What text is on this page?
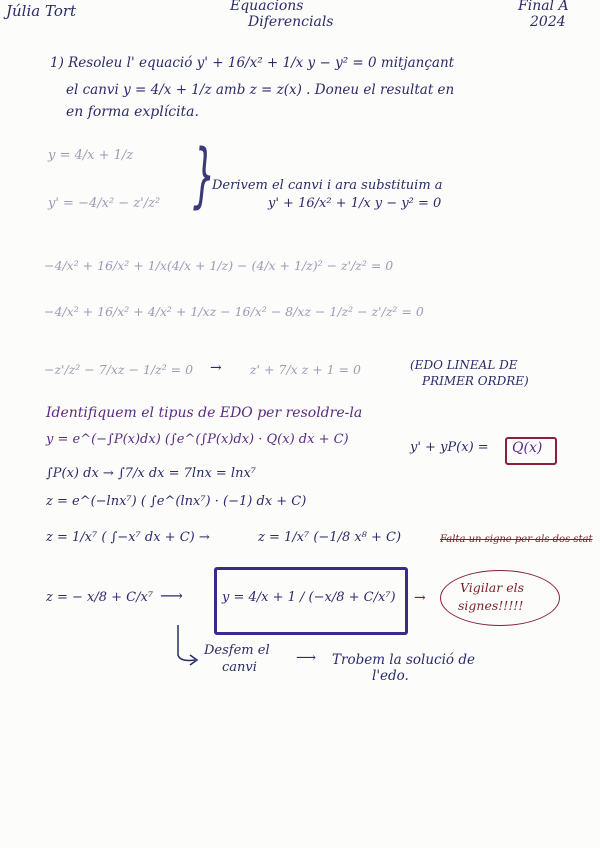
Júlia Tort	Equacions
Diferencials
Final A
2024
1) Resoleu l' equació y' + 16/x² + 1/x y − y² = 0 mitjançant
el canvi y = 4/x + 1/z amb z = z(x) . Doneu el resultat en
en forma explícita.
y = 4/x + 1/z
y' = −4/x² − z'/z² }
Derivem el canvi i ara substituim a
y' + 16/x² + 1/x y − y² = 0
−4/x² + 16/x² + 1/x(4/x + 1/z) − (4/x + 1/z)² − z'/z² = 0
−4/x² + 16/x² + 4/x² + 1/xz − 16/x² − 8/xz − 1/z² − z'/z² = 0
−z'/z² − 7/xz − 1/z² = 0 → z' + 7/x z + 1 = 0	(EDO LINEAL DE
PRIMER ORDRE)
Identifiquem el tipus de EDO per resoldre-la
y = e^(−∫P(x)dx) (∫e^(∫P(x)dx) · Q(x) dx + C)
y' + yP(x) = Q(x)
∫P(x) dx → ∫7/x dx = 7lnx = lnx⁷
z = e^(−lnx⁷) ( ∫e^(lnx⁷) · (−1) dx + C)
z = 1/x⁷ ( ∫−x⁷ dx + C) →	z = 1/x⁷ (−1/8 x⁸ + C)	Falta un signe per als dos stat
z = − x/8 + C/x⁷ ⟶	y = 4/x + 1 / (−x/8 + C/x⁷) →
Vigilar els
signes!!!!!
Desfem el
canvi
⟶ Trobem la solució de
l'edo.
